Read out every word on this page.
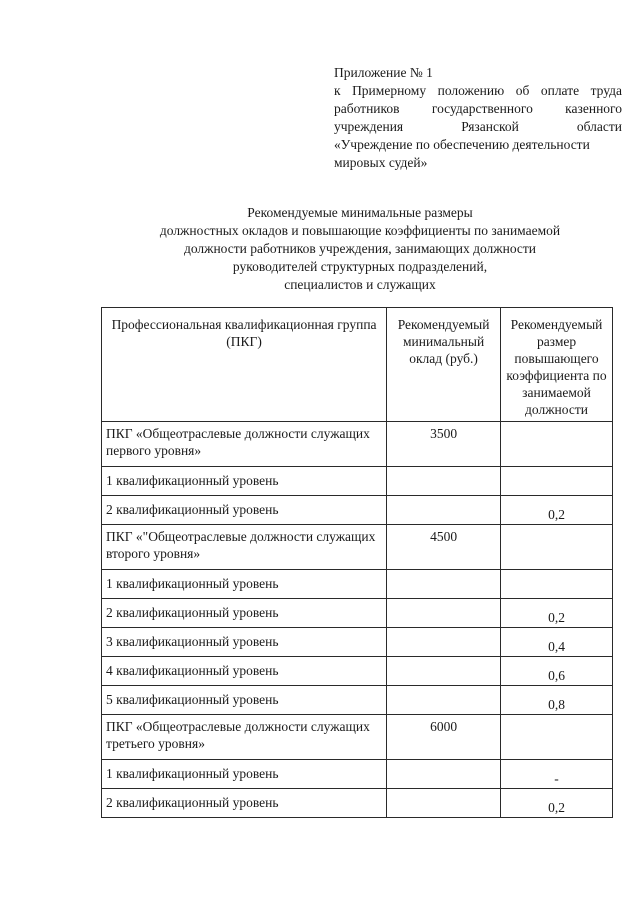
Приложение № 1
к Примерному положению об оплате труда
работников государственного казенного
учреждения	Рязанской	области
«Учреждение по обеспечению деятельности
мировых судей»
Рекомендуемые минимальные размеры
должностных окладов и повышающие коэффициенты по занимаемой
должности работников учреждения, занимающих должности
руководителей структурных подразделений,
специалистов и служащих
Профессиональная квалификационная группа (ПКГ)	Рекомендуемый минимальный оклад (руб.)	Рекомендуемый размер повышающего коэффициента по занимаемой должности
ПКГ «Общеотраслевые должности служащих первого уровня»	3500	
1 квалификационный уровень		
2 квалификационный уровень		0,2
ПКГ «"Общеотраслевые должности служащих второго уровня»	4500	
1 квалификационный уровень		
2 квалификационный уровень		0,2
3 квалификационный уровень		0,4
4 квалификационный уровень		0,6
5 квалификационный уровень		0,8
ПКГ «Общеотраслевые должности служащих третьего уровня»	6000	
1 квалификационный уровень		-
2 квалификационный уровень		0,2
